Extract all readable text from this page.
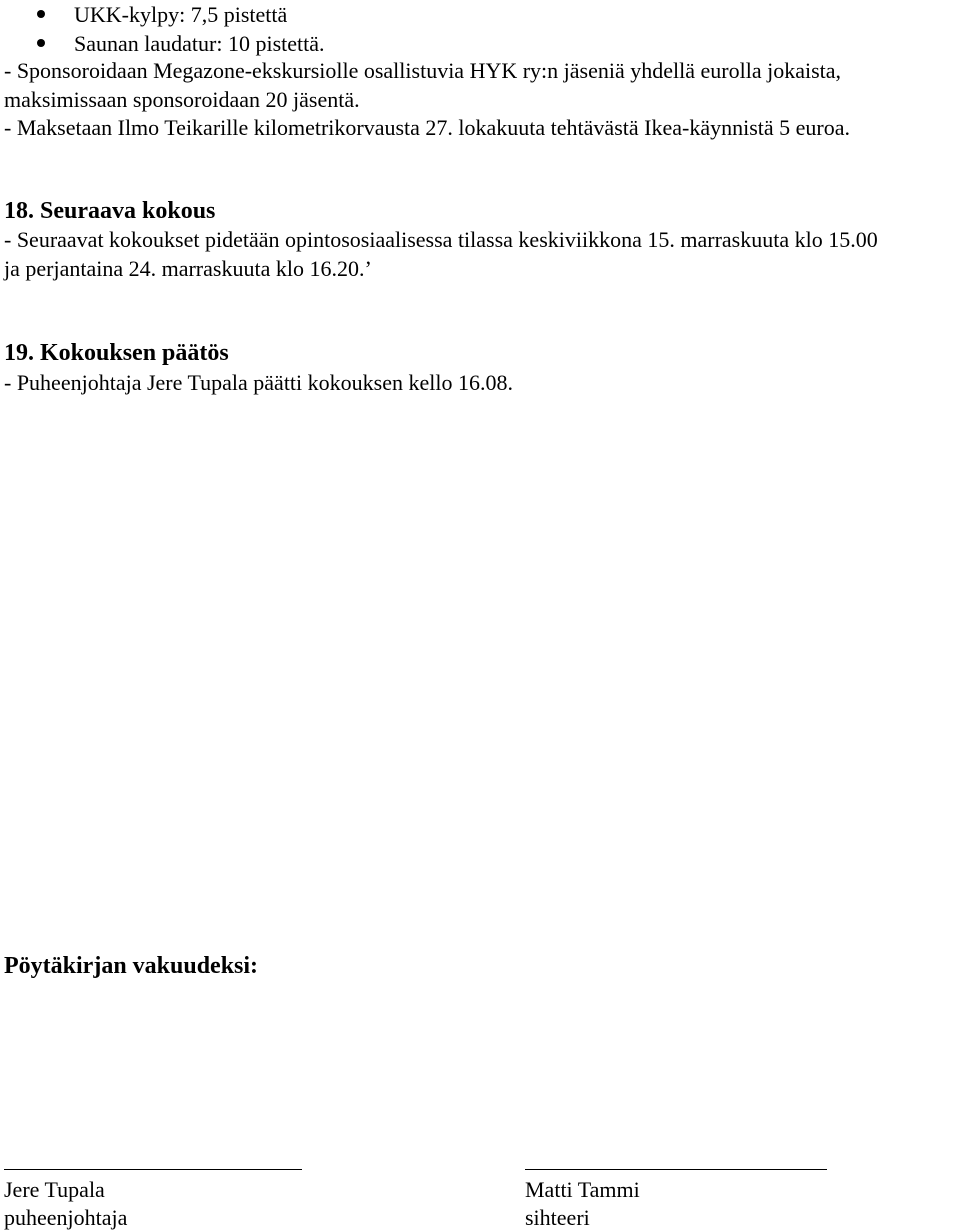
UKK-kylpy: 7,5 pistettä
Saunan laudatur: 10 pistettä.
- Sponsoroidaan Megazone-ekskursiolle osallistuvia HYK ry:n jäseniä yhdellä eurolla jokaista,
maksimissaan sponsoroidaan 20 jäsentä.
- Maksetaan Ilmo Teikarille kilometrikorvausta 27. lokakuuta tehtävästä Ikea-käynnistä 5 euroa.
18. Seuraava kokous
- Seuraavat kokoukset pidetään opintososiaalisessa tilassa keskiviikkona 15. marraskuuta klo 15.00
ja perjantaina 24. marraskuuta klo 16.20.’
19. Kokouksen päätös
- Puheenjohtaja Jere Tupala päätti kokouksen kello 16.08.
Pöytäkirjan vakuudeksi:
Jere Tupala
puheenjohtaja
Matti Tammi
sihteeri
